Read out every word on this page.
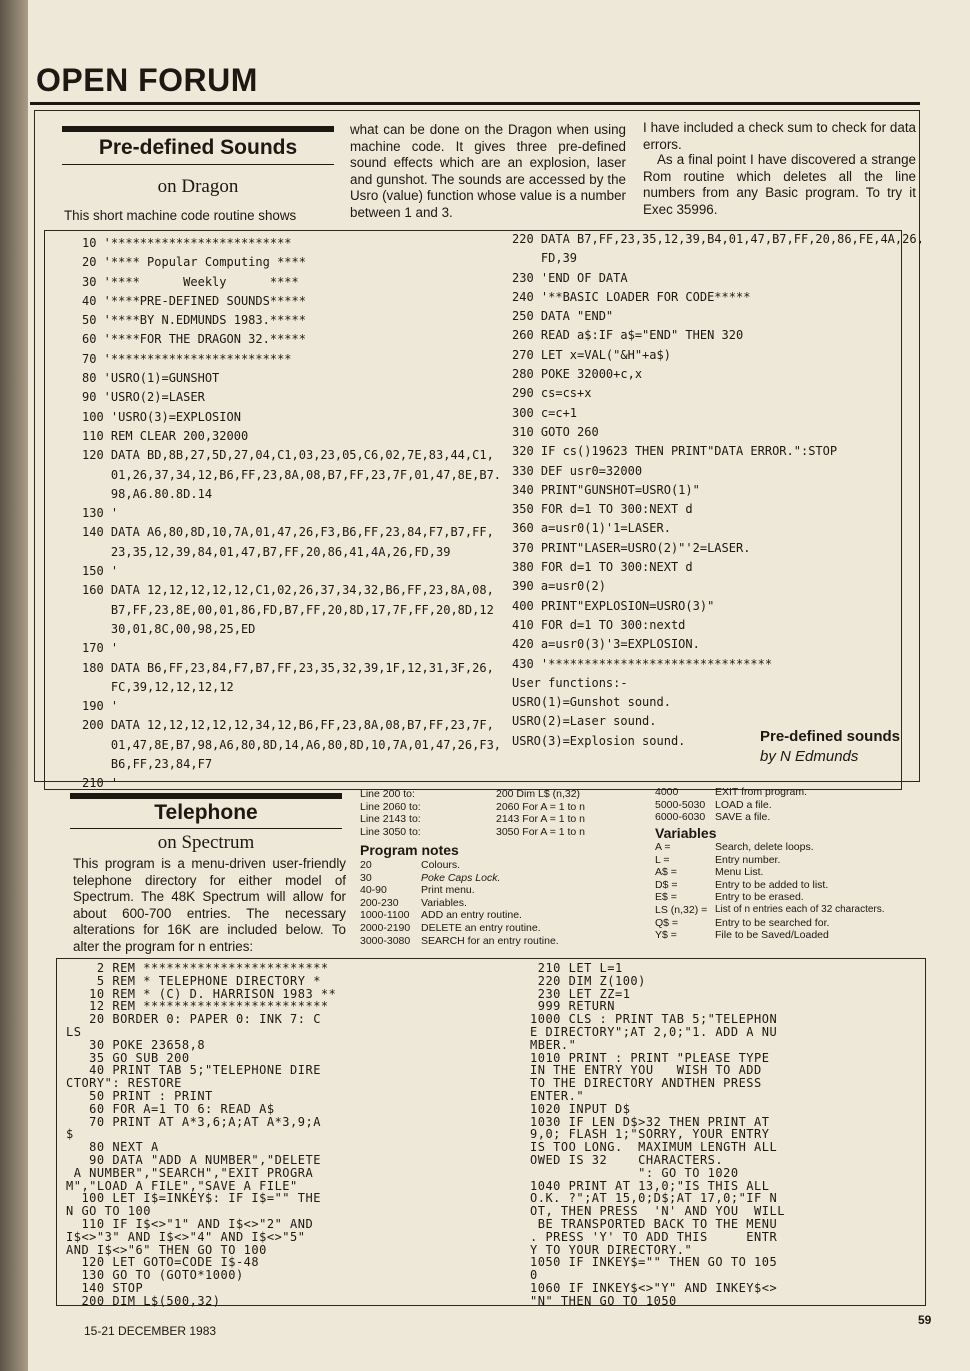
OPEN FORUM
Pre-defined Sounds
on Dragon
This short machine code routine shows
what can be done on the Dragon when using machine code. It gives three pre-defined sound effects which are an explosion, laser and gunshot. The sounds are accessed by the Usro (value) function whose value is a number between 1 and 3.
I have included a check sum to check for data errors.
As a final point I have discovered a strange Rom routine which deletes all the line numbers from any Basic program. To try it Exec 35996.
10 '*************************
20 '**** Popular Computing ****
30 '****      Weekly      ****
40 '****PRE-DEFINED SOUNDS*****
50 '****BY N.EDMUNDS 1983.*****
60 '****FOR THE DRAGON 32.*****
70 '*************************
80 'USRO(1)=GUNSHOT
90 'USRO(2)=LASER
100 'USRO(3)=EXPLOSION
110 REM CLEAR 200,32000
120 DATA BD,8B,27,5D,27,04,C1,03,23,05,C6,02,7E,83,44,C1,
01,26,37,34,12,B6,FF,23,8A,08,B7,FF,23,7F,01,47,8E,B7.
98,A6.80.8D.14
130 '
140 DATA A6,80,8D,10,7A,01,47,26,F3,B6,FF,23,84,F7,B7,FF,
23,35,12,39,84,01,47,B7,FF,20,86,41,4A,26,FD,39
150 '
160 DATA 12,12,12,12,12,C1,02,26,37,34,32,B6,FF,23,8A,08,
B7,FF,23,8E,00,01,86,FD,B7,FF,20,8D,17,7F,FF,20,8D,12
30,01,8C,00,98,25,ED
170 '
180 DATA B6,FF,23,84,F7,B7,FF,23,35,32,39,1F,12,31,3F,26,
FC,39,12,12,12,12
190 '
200 DATA 12,12,12,12,12,34,12,B6,FF,23,8A,08,B7,FF,23,7F,
01,47,8E,B7,98,A6,80,8D,14,A6,80,8D,10,7A,01,47,26,F3,
B6,FF,23,84,F7
210 '
220 DATA B7,FF,23,35,12,39,B4,01,47,B7,FF,20,86,FE,4A,26,
FD,39
230 'END OF DATA
240 '**BASIC LOADER FOR CODE*****
250 DATA "END"
260 READ a$:IF a$="END" THEN 320
270 LET x=VAL("&H"+a$)
280 POKE 32000+c,x
290 cs=cs+x
300 c=c+1
310 GOTO 260
320 IF cs()19623 THEN PRINT"DATA ERROR.":STOP
330 DEF usr0=32000
340 PRINT"GUNSHOT=USRO(1)"
350 FOR d=1 TO 300:NEXT d
360 a=usr0(1)'1=LASER.
370 PRINT"LASER=USRO(2)"'2=LASER.
380 FOR d=1 TO 300:NEXT d
390 a=usr0(2)
400 PRINT"EXPLOSION=USRO(3)"
410 FOR d=1 TO 300:nextd
420 a=usr0(3)'3=EXPLOSION.
430 '*******************************
User functions:-
USRO(1)=Gunshot sound.
USRO(2)=Laser sound.
USRO(3)=Explosion sound.	Pre-defined sounds
by N Edmunds
Telephone
on Spectrum
This program is a menu-driven user-friendly telephone directory for either model of Spectrum. The 48K Spectrum will allow for about 600-700 entries. The necessary alterations for 16K are included below. To alter the program for n entries:
Line 200 to:	200 Dim L$ (n,32)
Line 2060 to:	2060 For A = 1 to n
Line 2143 to:	2143 For A = 1 to n
Line 3050 to:	3050 For A = 1 to n
Program notes
20	Colours.
30	Poke Caps Lock.
40-90	Print menu.
200-230 Variables.
1000-1100 ADD an entry routine.
2000-2190 DELETE an entry routine.
3000-3080 SEARCH for an entry routine.
4000	EXIT from program.
5000-5030 LOAD a file.
6000-6030 SAVE a file.
Variables
A =	Search, delete loops.
L =	Entry number.
A$ =	Menu List.
D$ =	Entry to be added to list.
E$ =	Entry to be erased.
LS (n,32) = List of n entries each of 32 characters.
Q$ =	Entry to be searched for.
Y$ =	File to be Saved/Loaded
2 REM ************************
5 REM * TELEPHONE DIRECTORY *
10 REM * (C) D. HARRISON 1983 **
12 REM ************************
20 BORDER 0: PAPER 0: INK 7: C
LS
30 POKE 23658,8
35 GO SUB 200
40 PRINT TAB 5;"TELEPHONE DIRE
CTORY": RESTORE
50 PRINT : PRINT
60 FOR A=1 TO 6: READ A$
70 PRINT AT A*3,6;A;AT A*3,9;A
$
80 NEXT A
90 DATA "ADD A NUMBER","DELETE
A NUMBER","SEARCH","EXIT PROGRA
M","LOAD A FILE","SAVE A FILE"
100 LET I$=INKEY$: IF I$="" THE
N GO TO 100
110 IF I$<>"1" AND I$<>"2" AND
I$<>"3" AND I$<>"4" AND I$<>"5"
AND I$<>"6" THEN GO TO 100
120 LET GOTO=CODE I$-48
130 GO TO (GOTO*1000)
140 STOP
200 DIM L$(500,32)
210 LET L=1
220 DIM Z(100)
230 LET ZZ=1
999 RETURN
1000 CLS : PRINT TAB 5;"TELEPHON
E DIRECTORY";AT 2,0;"1. ADD A NU
MBER."
1010 PRINT : PRINT "PLEASE TYPE
IN THE ENTRY YOU   WISH TO ADD
TO THE DIRECTORY ANDTHEN PRESS
ENTER."
1020 INPUT D$
1030 IF LEN D$>32 THEN PRINT AT
9,0; FLASH 1;"SORRY, YOUR ENTRY
IS TOO LONG.  MAXIMUM LENGTH ALL
OWED IS 32    CHARACTERS.
": GO TO 1020
1040 PRINT AT 13,0;"IS THIS ALL
O.K. ?";AT 15,0;D$;AT 17,0;"IF N
OT, THEN PRESS  'N' AND YOU  WILL
BE TRANSPORTED BACK TO THE MENU
. PRESS 'Y' TO ADD THIS     ENTR
Y TO YOUR DIRECTORY."
1050 IF INKEY$="" THEN GO TO 105
0
1060 IF INKEY$<>"Y" AND INKEY$<>
"N" THEN GO TO 1050
15-21 DECEMBER 1983
59
